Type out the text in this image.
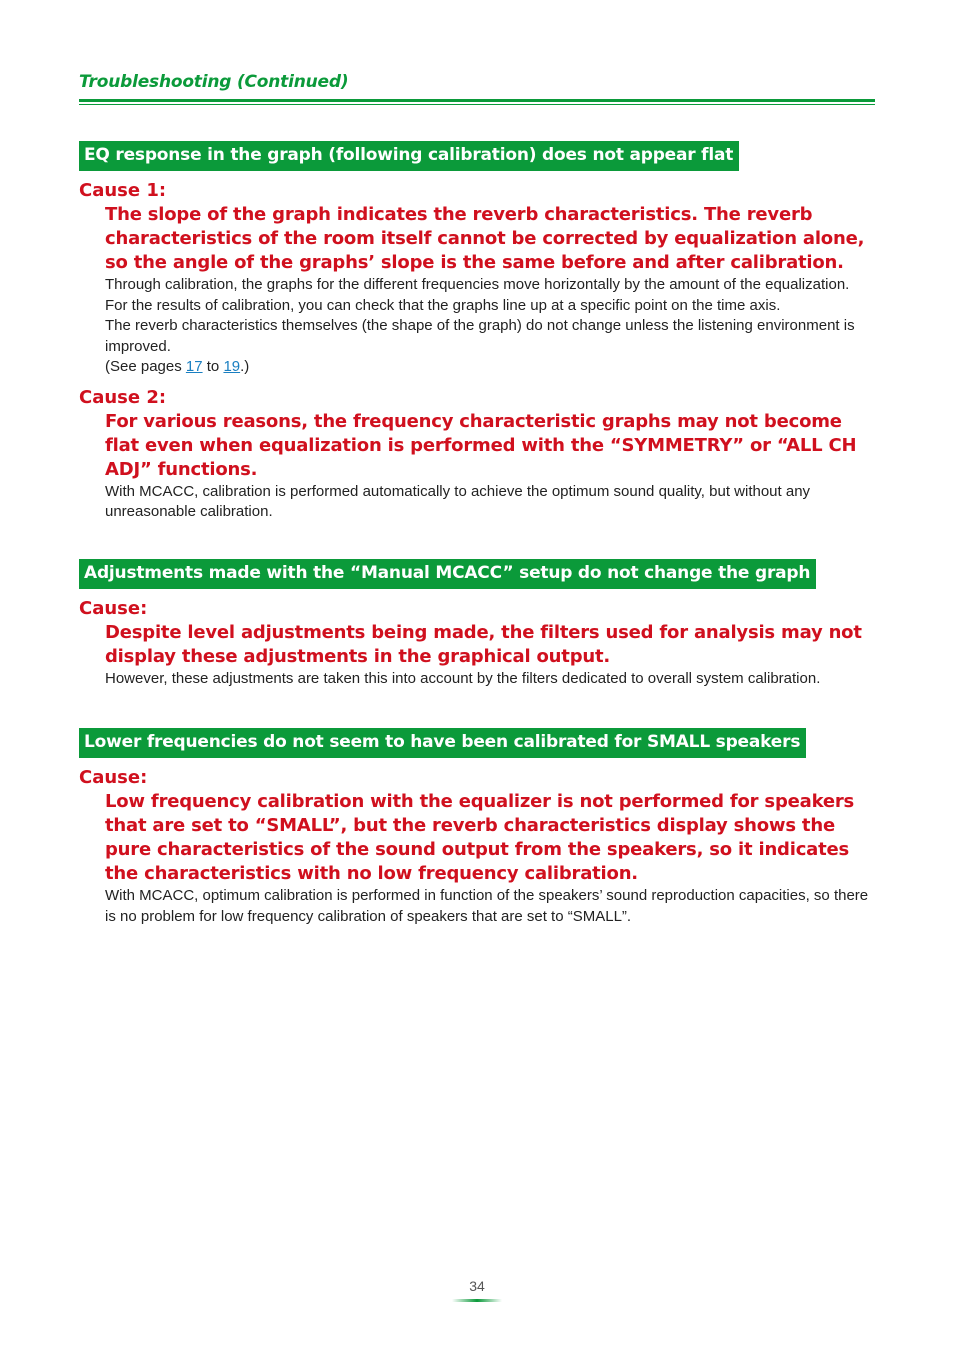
Troubleshooting (Continued)
EQ response in the graph (following calibration) does not appear flat
Cause 1:
The slope of the graph indicates the reverb characteristics. The reverb characteristics of the room itself cannot be corrected by equalization alone, so the angle of the graphs’ slope is the same before and after calibration.
Through calibration, the graphs for the different frequencies move horizontally by the amount of the equalization. For the results of calibration, you can check that the graphs line up at a specific point on the time axis.
The reverb characteristics themselves (the shape of the graph) do not change unless the listening environment is improved.
(See pages 17 to 19.)
Cause 2:
For various reasons, the frequency characteristic graphs may not become flat even when equalization is performed with the “SYMMETRY” or “ALL CH ADJ” functions.
With MCACC, calibration is performed automatically to achieve the optimum sound quality, but without any unreasonable calibration.
Adjustments made with the “Manual MCACC” setup do not change the graph
Cause:
Despite level adjustments being made, the filters used for analysis may not display these adjustments in the graphical output.
However, these adjustments are taken this into account by the filters dedicated to overall system calibration.
Lower frequencies do not seem to have been calibrated for SMALL speakers
Cause:
Low frequency calibration with the equalizer is not performed for speakers that are set to “SMALL”, but the reverb characteristics display shows the pure characteristics of the sound output from the speakers, so it indicates the characteristics with no low frequency calibration.
With MCACC, optimum calibration is performed in function of the speakers’ sound reproduction capacities, so there is no problem for low frequency calibration of speakers that are set to “SMALL”.
34
